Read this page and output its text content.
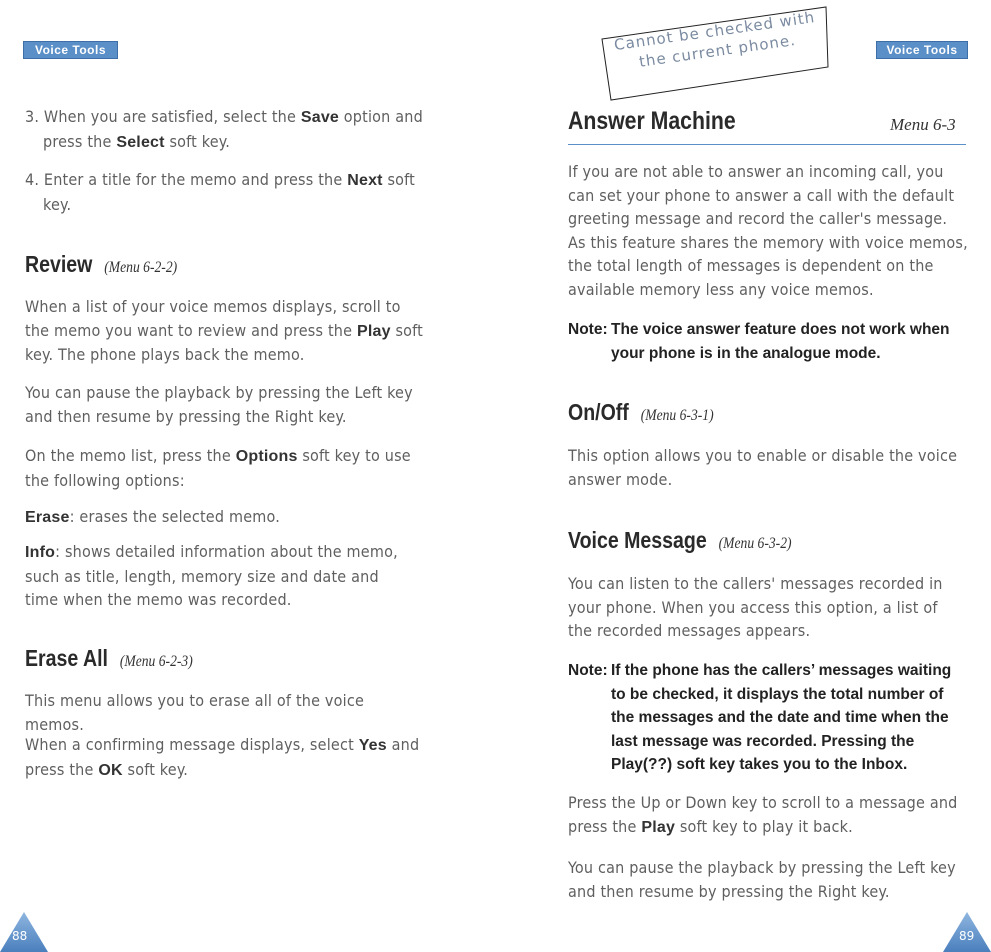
Voice Tools

3. When you are satisfied, select the Save option and press the Select soft key.

4. Enter a title for the memo and press the Next soft key.

Review (Menu 6-2-2)

When a list of your voice memos displays, scroll to the memo you want to review and press the Play soft key. The phone plays back the memo.

You can pause the playback by pressing the Left key and then resume by pressing the Right key.

On the memo list, press the Options soft key to use the following options:

Erase: erases the selected memo.

Info: shows detailed information about the memo, such as title, length, memory size and date and time when the memo was recorded.

Erase All (Menu 6-2-3)

This menu allows you to erase all of the voice memos.

When a confirming message displays, select Yes and press the OK soft key.

88
Voice Tools
89
Cannot be checked with the current phone.
Answer Machine	Menu 6-3

If you are not able to answer an incoming call, you can set your phone to answer a call with the default greeting message and record the caller's message. As this feature shares the memory with voice memos, the total length of messages is dependent on the available memory less any voice memos.

Note: The voice answer feature does not work when your phone is in the analogue mode.
On/Off (Menu 6-3-1)

This option allows you to enable or disable the voice answer mode.

Voice Message (Menu 6-3-2)

You can listen to the callers' messages recorded in your phone. When you access this option, a list of the recorded messages appears.

Note: If the phone has the callers’ messages waiting to be checked, it displays the total number of the messages and the date and time when the last message was recorded. Pressing the Play(??) soft key takes you to the Inbox.

Press the Up or Down key to scroll to a message and press the Play soft key to play it back.

You can pause the playback by pressing the Left key and then resume by pressing the Right key.
